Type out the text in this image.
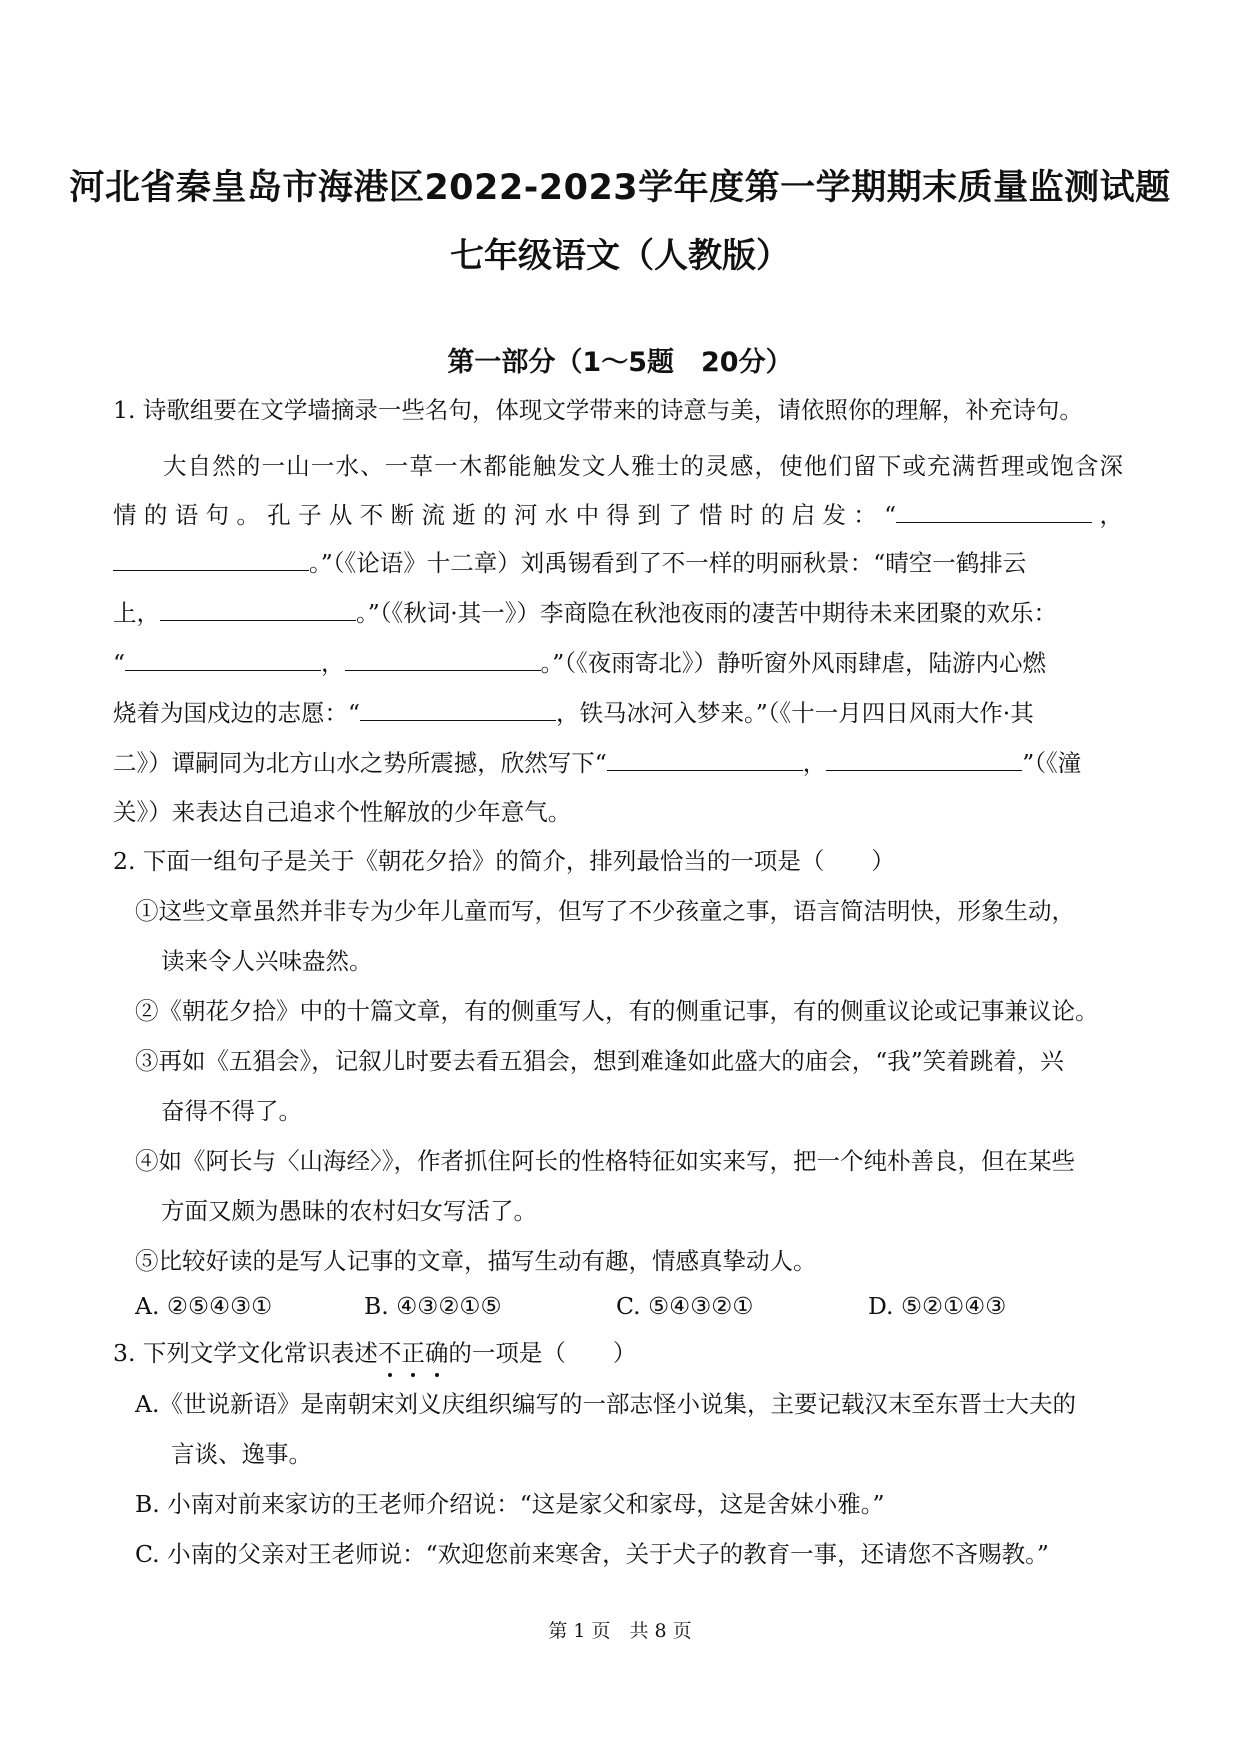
河北省秦皇岛市海港区2022-2023学年度第一学期期末质量监测试题
七年级语文（人教版）
第一部分（1～5题　20分）
1. 诗歌组要在文学墙摘录一些名句，体现文学带来的诗意与美，请依照你的理解，补充诗句。
大自然的一山一水、一草一木都能触发文人雅士的灵感，使他们留下或充满哲理或饱含深
情的语句。孔子从不断流逝的河水中得到了惜时的启发：“	，
。”（《论语》十二章）刘禹锡看到了不一样的明丽秋景：“晴空一鹤排云
上，	。”（《秋词·其一》）李商隐在秋池夜雨的凄苦中期待未来团聚的欢乐：
“	，	。”（《夜雨寄北》）静听窗外风雨肆虐，陆游内心燃
烧着为国戍边的志愿：“	，铁马冰河入梦来。”（《十一月四日风雨大作·其
二》）谭嗣同为北方山水之势所震撼，欣然写下“	，	”（《潼
关》）来表达自己追求个性解放的少年意气。
2. 下面一组句子是关于《朝花夕拾》的简介，排列最恰当的一项是（　　）
①这些文章虽然并非专为少年儿童而写，但写了不少孩童之事，语言简洁明快，形象生动，
读来令人兴味盎然。
②《朝花夕拾》中的十篇文章，有的侧重写人，有的侧重记事，有的侧重议论或记事兼议论。
③再如《五猖会》，记叙儿时要去看五猖会，想到难逢如此盛大的庙会，“我”笑着跳着，兴
奋得不得了。
④如《阿长与〈山海经〉》，作者抓住阿长的性格特征如实来写，把一个纯朴善良，但在某些
方面又颇为愚昧的农村妇女写活了。
⑤比较好读的是写人记事的文章，描写生动有趣，情感真挚动人。
A. ②⑤④③①	B. ④③②①⑤	C. ⑤④③②①	D. ⑤②①④③
3. 下列文学文化常识表述不正确的一项是（　　）
A.《世说新语》是南朝宋刘义庆组织编写的一部志怪小说集，主要记载汉末至东晋士大夫的
言谈、逸事。
B. 小南对前来家访的王老师介绍说：“这是家父和家母，这是舍妹小雅。”
C. 小南的父亲对王老师说：“欢迎您前来寒舍，关于犬子的教育一事，还请您不吝赐教。”
第 1 页　共 8 页
